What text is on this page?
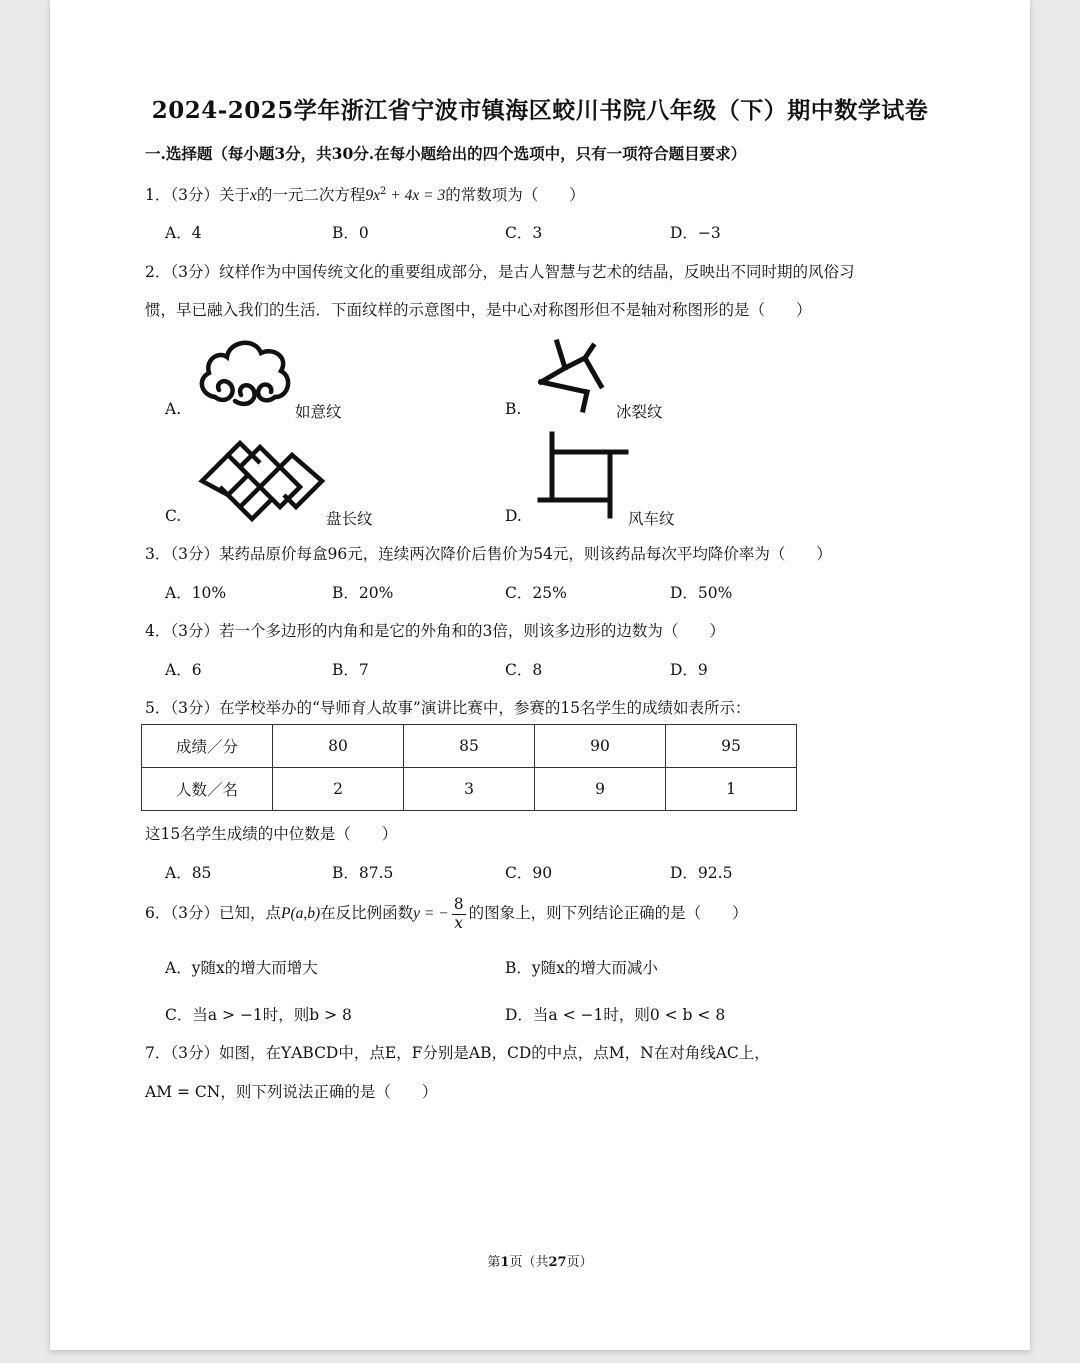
2024-2025学年浙江省宁波市镇海区蛟川书院八年级（下）期中数学试卷
一.选择题（每小题3分，共30分.在每小题给出的四个选项中，只有一项符合题目要求）
1．（3分）关于x的一元二次方程$9x^2 + 4x = 3$的常数项为（　　）
A．4	B．0	C．3	D．−3
2．（3分）纹样作为中国传统文化的重要组成部分，是古人智慧与艺术的结晶，反映出不同时期的风俗习
惯，早已融入我们的生活．下面纹样的示意图中，是中心对称图形但不是轴对称图形的是（　　）
A.	如意纹	B.	冰裂纹
C.	盘长纹	D.	风车纹
3．（3分）某药品原价每盒96元，连续两次降价后售价为54元，则该药品每次平均降价率为（　　）
A．10%	B．20%	C．25%	D．50%
4．（3分）若一个多边形的内角和是它的外角和的3倍，则该多边形的边数为（　　）
A．6	B．7	C．8	D．9
5．（3分）在学校举办的“导师育人故事”演讲比赛中，参赛的15名学生的成绩如表所示：
成绩／分	80	85	90	95
人数／名	2	3	9	1
这15名学生成绩的中位数是（　　）
A．85	B．87.5	C．90	D．92.5
6．（3分）已知，点P(a,b)在反比例函数y = − $\frac{8}{x}$ 的图象上，则下列结论正确的是（　　）
A．y随x的增大而增大	B．y随x的增大而减小
C．当a > −1时，则b > 8	D．当a < −1时，则0 < b < 8
7．（3分）如图，在ҮABCD中，点E，F分别是AB，CD的中点，点M，N在对角线AC上，
AM = CN，则下列说法正确的是（　　）
第1页（共27页）
